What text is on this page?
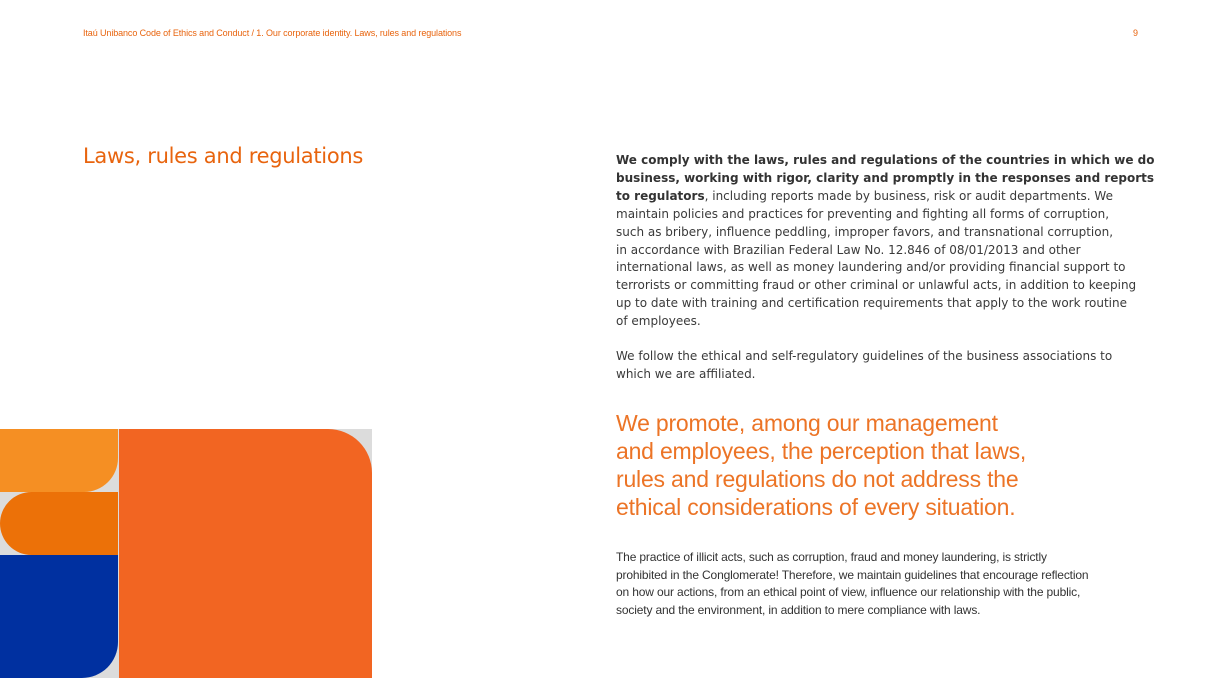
Itaú Unibanco Code of Ethics and Conduct / 1. Our corporate identity. Laws, rules and regulations	9
Laws, rules and regulations	We comply with the laws, rules and regulations of the countries in which we do
business, working with rigor, clarity and promptly in the responses and reports
to regulators, including reports made by business, risk or audit departments. We
maintain policies and practices for preventing and fighting all forms of corruption,
such as bribery, influence peddling, improper favors, and transnational corruption,
in accordance with Brazilian Federal Law No. 12.846 of 08/01/2013 and other
international laws, as well as money laundering and/or providing financial support to
terrorists or committing fraud or other criminal or unlawful acts, in addition to keeping
up to date with training and certification requirements that apply to the work routine
of employees.

We follow the ethical and self-regulatory guidelines of the business associations to
which we are affiliated.

We promote, among our management
and employees, the perception that laws,
rules and regulations do not address the
ethical considerations of every situation.

The practice of illicit acts, such as corruption, fraud and money laundering, is strictly
prohibited in the Conglomerate! Therefore, we maintain guidelines that encourage reflection
on how our actions, from an ethical point of view, influence our relationship with the public,
society and the environment, in addition to mere compliance with laws.
